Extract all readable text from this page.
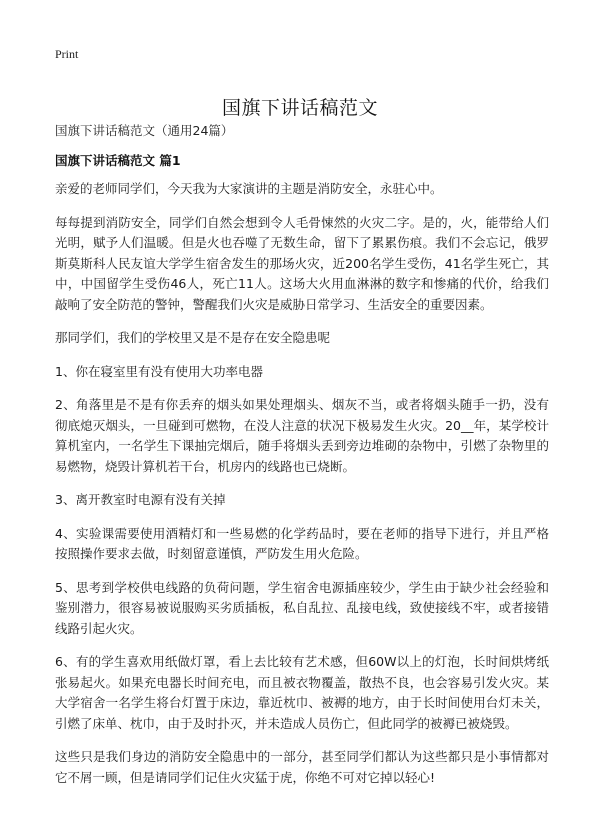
Print
国旗下讲话稿范文
国旗下讲话稿范文（通用24篇）
国旗下讲话稿范文 篇1

亲爱的老师同学们，今天我为大家演讲的主题是消防安全，永驻心中。

每每提到消防安全，同学们自然会想到令人毛骨悚然的火灾二字。是的，火，能带给人们光明，赋予人们温暖。但是火也吞噬了无数生命，留下了累累伤痕。我们不会忘记，俄罗斯莫斯科人民友谊大学学生宿舍发生的那场火灾，近200名学生受伤，41名学生死亡，其中，中国留学生受伤46人，死亡11人。这场大火用血淋淋的数字和惨痛的代价，给我们敲响了安全防范的警钟，警醒我们火灾是威胁日常学习、生活安全的重要因素。

那同学们，我们的学校里又是不是存在安全隐患呢

1、你在寝室里有没有使用大功率电器

2、角落里是不是有你丢弃的烟头如果处理烟头、烟灰不当，或者将烟头随手一扔，没有彻底熄灭烟头，一旦碰到可燃物，在没人注意的状况下极易发生火灾。20__年，某学校计算机室内，一名学生下课抽完烟后，随手将烟头丢到旁边堆砌的杂物中，引燃了杂物里的易燃物，烧毁计算机若干台，机房内的线路也已烧断。

3、离开教室时电源有没有关掉

4、实验课需要使用酒精灯和一些易燃的化学药品时，要在老师的指导下进行，并且严格按照操作要求去做，时刻留意谨慎，严防发生用火危险。

5、思考到学校供电线路的负荷问题，学生宿舍电源插座较少，学生由于缺少社会经验和鉴别潜力，很容易被说服购买劣质插板，私自乱拉、乱接电线，致使接线不牢，或者接错线路引起火灾。

6、有的学生喜欢用纸做灯罩，看上去比较有艺术感，但60W以上的灯泡，长时间烘烤纸张易起火。如果充电器长时间充电，而且被衣物覆盖，散热不良，也会容易引发火灾。某大学宿舍一名学生将台灯置于床边，靠近枕巾、被褥的地方，由于长时间使用台灯未关，引燃了床单、枕巾，由于及时扑灭，并未造成人员伤亡，但此同学的被褥已被烧毁。

这些只是我们身边的消防安全隐患中的一部分，甚至同学们都认为这些都只是小事情都对它不屑一顾，但是请同学们记住火灾猛于虎，你绝不可对它掉以轻心!
